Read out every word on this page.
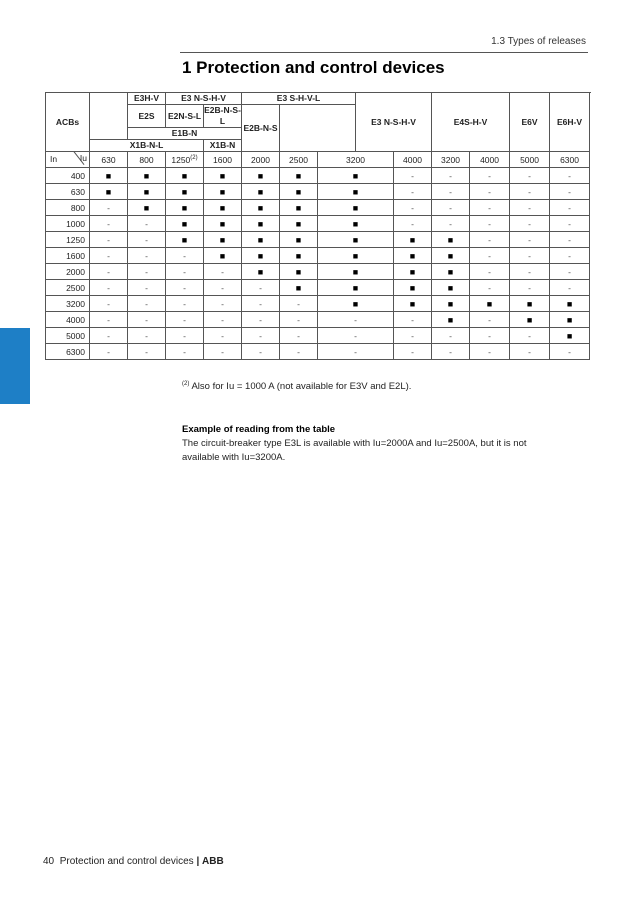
1.3 Types of releases
1 Protection and control devices
ACBs		E3H-V	E3 N-S-H-V		E3 S-H-V-L			E3 N-S-H-V		E4S-H-V		E6V	E6H-V	
		E2S	E2N-S-L	E2B-N-S-L	E2B-N-S									
		E1B-N												
	X1B-N-L			X1B-N										

In Iu	630	800	1250$^{(2)}$	1600	2000	2500	3200		4000	3200	4000	5000	6300	
400	■	■	■	■	■	■	■		-	-	-	-	-	
630	■	■	■	■	■	■	■		-	-	-	-	-	
800	-	■	■	■	■	■	■		-	-	-	-	-	
1000	-	-	■	■	■	■	■		-	-	-	-	-	
1250	-	-	■	■	■	■	■		■	■	-	-	-	
1600	-	-	-	■	■	■	■		■	■	-	-	-	
2000	-	-	-	-	■	■	■		■	■	-	-	-	
2500	-	-	-	-	-	■	■		■	■	-	-	-	
3200	-	-	-	-	-	-	■		■	■	■	■	■	
4000	-	-	-	-	-	-	-		-	■	-	■	■	
5000	-	-	-	-	-	-	-		-	-	-	-	■	
6300	-	-	-	-	-	-	-		-	-	-	-	-	
$^{(2)}$ Also for Iu = 1000 A (not available for E3V and E2L).
Example of reading from the table
The circuit-breaker type E3L is available with Iu=2000A and Iu=2500A, but it is not available with Iu=3200A.
40 Protection and control devices | ABB
